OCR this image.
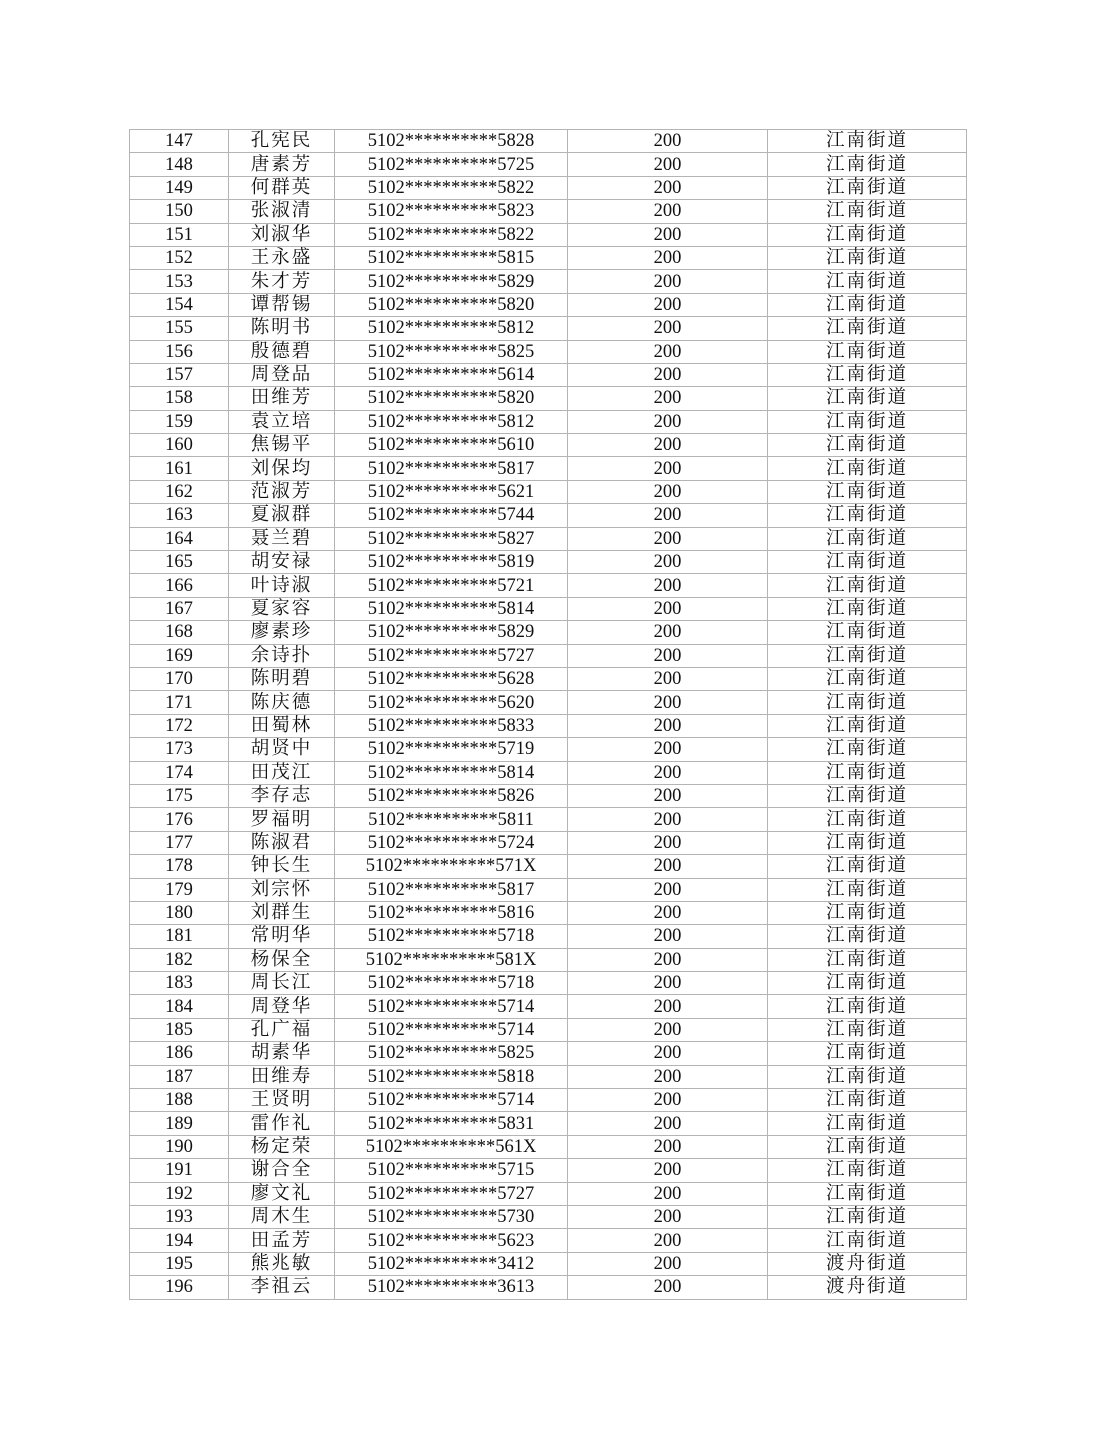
147	孔宪民	5102**********5828	200	江南街道
148	唐素芳	5102**********5725	200	江南街道
149	何群英	5102**********5822	200	江南街道
150	张淑清	5102**********5823	200	江南街道
151	刘淑华	5102**********5822	200	江南街道
152	王永盛	5102**********5815	200	江南街道
153	朱才芳	5102**********5829	200	江南街道
154	谭帮锡	5102**********5820	200	江南街道
155	陈明书	5102**********5812	200	江南街道
156	殷德碧	5102**********5825	200	江南街道
157	周登品	5102**********5614	200	江南街道
158	田维芳	5102**********5820	200	江南街道
159	袁立培	5102**********5812	200	江南街道
160	焦锡平	5102**********5610	200	江南街道
161	刘保均	5102**********5817	200	江南街道
162	范淑芳	5102**********5621	200	江南街道
163	夏淑群	5102**********5744	200	江南街道
164	聂兰碧	5102**********5827	200	江南街道
165	胡安禄	5102**********5819	200	江南街道
166	叶诗淑	5102**********5721	200	江南街道
167	夏家容	5102**********5814	200	江南街道
168	廖素珍	5102**********5829	200	江南街道
169	余诗扑	5102**********5727	200	江南街道
170	陈明碧	5102**********5628	200	江南街道
171	陈庆德	5102**********5620	200	江南街道
172	田蜀林	5102**********5833	200	江南街道
173	胡贤中	5102**********5719	200	江南街道
174	田茂江	5102**********5814	200	江南街道
175	李存志	5102**********5826	200	江南街道
176	罗福明	5102**********5811	200	江南街道
177	陈淑君	5102**********5724	200	江南街道
178	钟长生	5102**********571X	200	江南街道
179	刘宗怀	5102**********5817	200	江南街道
180	刘群生	5102**********5816	200	江南街道
181	常明华	5102**********5718	200	江南街道
182	杨保全	5102**********581X	200	江南街道
183	周长江	5102**********5718	200	江南街道
184	周登华	5102**********5714	200	江南街道
185	孔广福	5102**********5714	200	江南街道
186	胡素华	5102**********5825	200	江南街道
187	田维寿	5102**********5818	200	江南街道
188	王贤明	5102**********5714	200	江南街道
189	雷作礼	5102**********5831	200	江南街道
190	杨定荣	5102**********561X	200	江南街道
191	谢合全	5102**********5715	200	江南街道
192	廖文礼	5102**********5727	200	江南街道
193	周木生	5102**********5730	200	江南街道
194	田孟芳	5102**********5623	200	江南街道
195	熊兆敏	5102**********3412	200	渡舟街道
196	李祖云	5102**********3613	200	渡舟街道
